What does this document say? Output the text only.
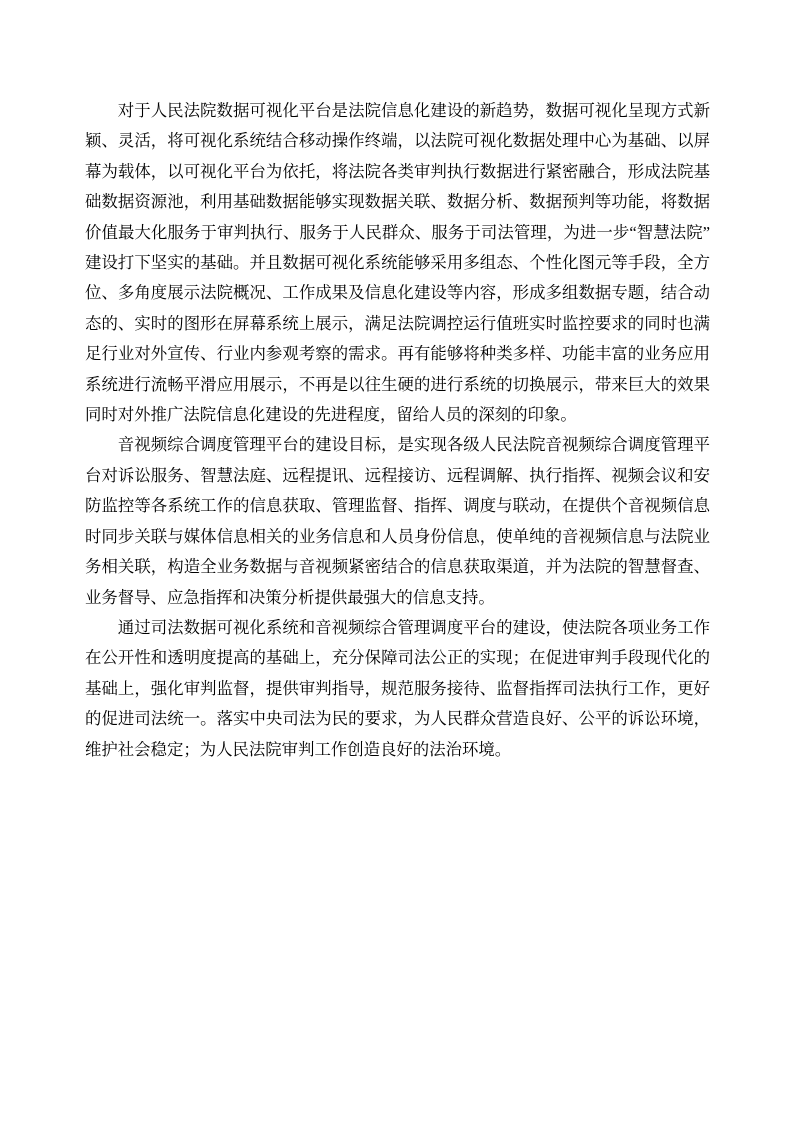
对于人民法院数据可视化平台是法院信息化建设的新趋势，数据可视化呈现方式新
颖、灵活，将可视化系统结合移动操作终端，以法院可视化数据处理中心为基础、以屏
幕为载体，以可视化平台为依托，将法院各类审判执行数据进行紧密融合，形成法院基
础数据资源池，利用基础数据能够实现数据关联、数据分析、数据预判等功能，将数据
价值最大化服务于审判执行、服务于人民群众、服务于司法管理，为进一步“智慧法院”
建设打下坚实的基础。并且数据可视化系统能够采用多组态、个性化图元等手段，全方
位、多角度展示法院概况、工作成果及信息化建设等内容，形成多组数据专题，结合动
态的、实时的图形在屏幕系统上展示，满足法院调控运行值班实时监控要求的同时也满
足行业对外宣传、行业内参观考察的需求。再有能够将种类多样、功能丰富的业务应用
系统进行流畅平滑应用展示，不再是以往生硬的进行系统的切换展示，带来巨大的效果
同时对外推广法院信息化建设的先进程度，留给人员的深刻的印象。

音视频综合调度管理平台的建设目标，是实现各级人民法院音视频综合调度管理平
台对诉讼服务、智慧法庭、远程提讯、远程接访、远程调解、执行指挥、视频会议和安
防监控等各系统工作的信息获取、管理监督、指挥、调度与联动，在提供个音视频信息
时同步关联与媒体信息相关的业务信息和人员身份信息，使单纯的音视频信息与法院业
务相关联，构造全业务数据与音视频紧密结合的信息获取渠道，并为法院的智慧督查、
业务督导、应急指挥和决策分析提供最强大的信息支持。

通过司法数据可视化系统和音视频综合管理调度平台的建设，使法院各项业务工作
在公开性和透明度提高的基础上，充分保障司法公正的实现；在促进审判手段现代化的
基础上，强化审判监督，提供审判指导，规范服务接待、监督指挥司法执行工作，更好
的促进司法统一。落实中央司法为民的要求，为人民群众营造良好、公平的诉讼环境，
维护社会稳定；为人民法院审判工作创造良好的法治环境。
